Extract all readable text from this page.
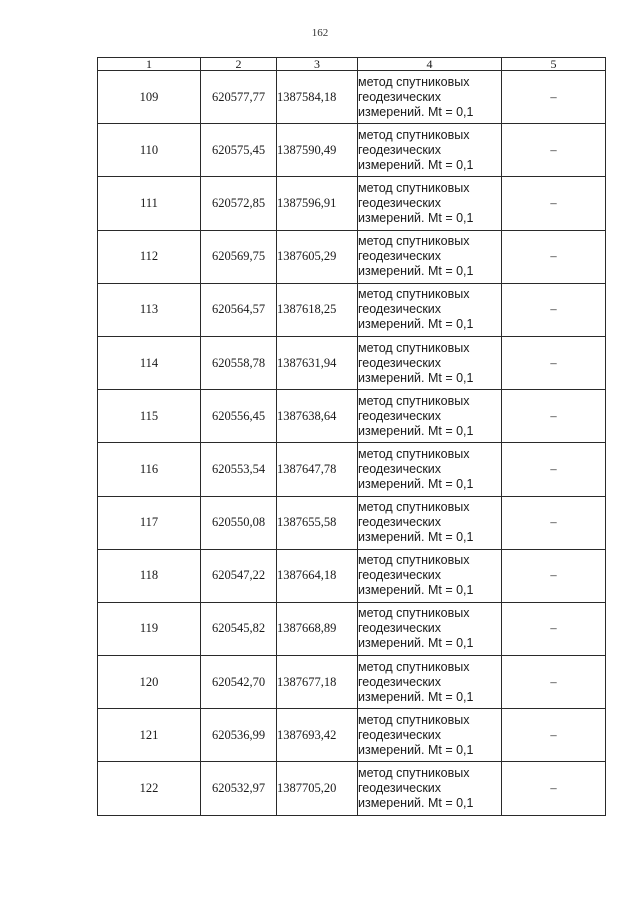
162
1	2	3	4	5
109	620577,77	1387584,18	метод спутниковых
геодезических
измерений. Mt = 0,1	–
110	620575,45	1387590,49	метод спутниковых
геодезических
измерений. Mt = 0,1	–
111	620572,85	1387596,91	метод спутниковых
геодезических
измерений. Mt = 0,1	–
112	620569,75	1387605,29	метод спутниковых
геодезических
измерений. Mt = 0,1	–
113	620564,57	1387618,25	метод спутниковых
геодезических
измерений. Mt = 0,1	–
114	620558,78	1387631,94	метод спутниковых
геодезических
измерений. Mt = 0,1	–
115	620556,45	1387638,64	метод спутниковых
геодезических
измерений. Mt = 0,1	–
116	620553,54	1387647,78	метод спутниковых
геодезических
измерений. Mt = 0,1	–
117	620550,08	1387655,58	метод спутниковых
геодезических
измерений. Mt = 0,1	–
118	620547,22	1387664,18	метод спутниковых
геодезических
измерений. Mt = 0,1	–
119	620545,82	1387668,89	метод спутниковых
геодезических
измерений. Mt = 0,1	–
120	620542,70	1387677,18	метод спутниковых
геодезических
измерений. Mt = 0,1	–
121	620536,99	1387693,42	метод спутниковых
геодезических
измерений. Mt = 0,1	–
122	620532,97	1387705,20	метод спутниковых
геодезических
измерений. Mt = 0,1	–
